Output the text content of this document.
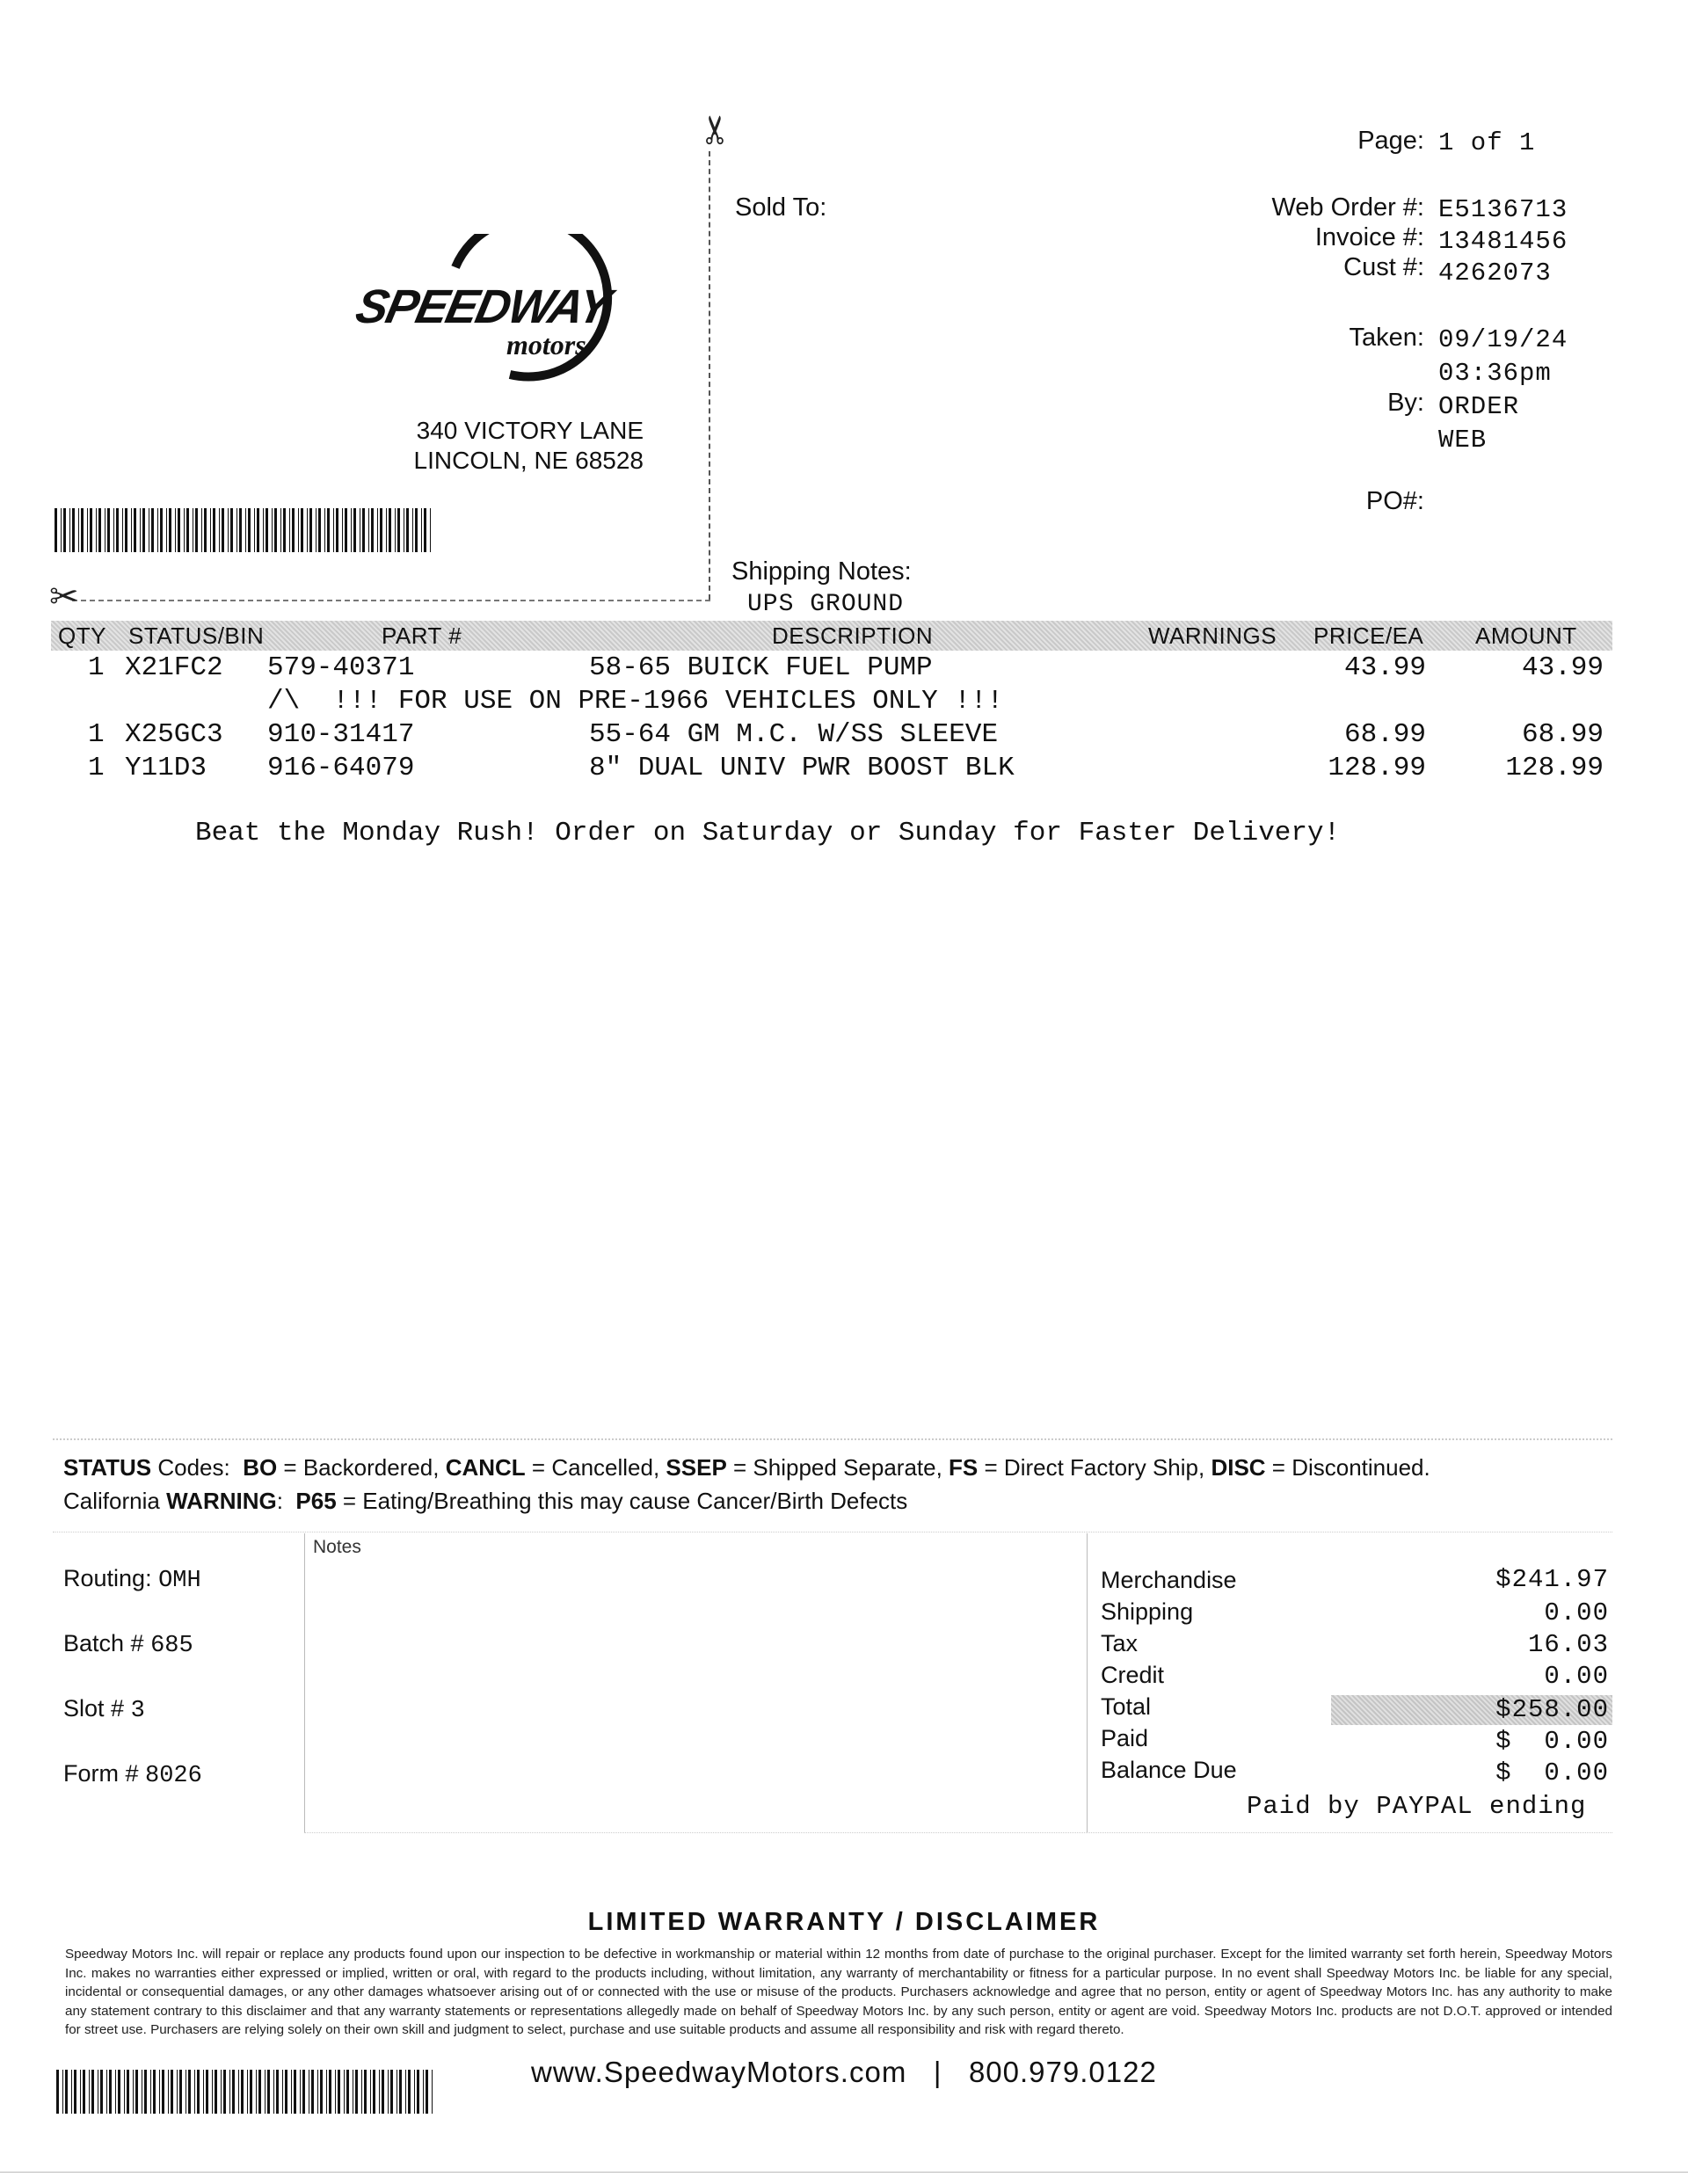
✂
✂
SPEEDWAY
motors.
340 VICTORY LANE
LINCOLN, NE 68528
Page: 1 of 1
Sold To:	Web Order #: E5136713
Invoice #: 13481456
Cust #: 4262073
Taken: 09/19/24
03:36pm
By: ORDER
WEB
PO#:
Shipping Notes:
UPS GROUND
QTY STATUS/BIN	PART #	DESCRIPTION	WARNINGS PRICE/EA AMOUNT
1 X21FC2 579-40371	58-65 BUICK FUEL PUMP	43.99	43.99
/\  !!! FOR USE ON PRE-1966 VEHICLES ONLY !!!
1 X25GC3 910-31417	55-64 GM M.C. W/SS SLEEVE	68.99	68.99
1 Y11D3 916-64079	8" DUAL UNIV PWR BOOST BLK	128.99	128.99
Beat the Monday Rush! Order on Saturday or Sunday for Faster Delivery!
STATUS Codes:  BO = Backordered, CANCL = Cancelled, SSEP = Shipped Separate, FS = Direct Factory Ship, DISC = Discontinued.
California WARNING:  P65 = Eating/Breathing this may cause Cancer/Birth Defects
Notes
Routing: OMH
Batch # 685
Slot # 3
Form # 8026
Merchandise	$241.97
Shipping	0.00
Tax	16.03
Credit	0.00
Total	$258.00
Paid	$  0.00
Balance Due	$  0.00
Paid by PAYPAL ending
LIMITED WARRANTY / DISCLAIMER
Speedway Motors Inc. will repair or replace any products found upon our inspection to be defective in workmanship or material within 12 months from date of purchase to the original purchaser. Except for the limited warranty set forth herein, Speedway Motors Inc. makes no warranties either expressed or implied, written or oral, with regard to the products including, without limitation, any warranty of merchantability or fitness for a particular purpose. In no event shall Speedway Motors Inc. be liable for any special, incidental or consequential damages, or any other damages whatsoever arising out of or connected with the use or misuse of the products. Purchasers acknowledge and agree that no person, entity or agent of Speedway Motors Inc. has any authority to make any statement contrary to this disclaimer and that any warranty statements or representations allegedly made on behalf of Speedway Motors Inc. by any such person, entity or agent are void. Speedway Motors Inc. products are not D.O.T. approved or intended for street use. Purchasers are relying solely on their own skill and judgment to select, purchase and use suitable products and assume all responsibility and risk with regard thereto.
www.SpeedwayMotors.com | 800.979.0122
